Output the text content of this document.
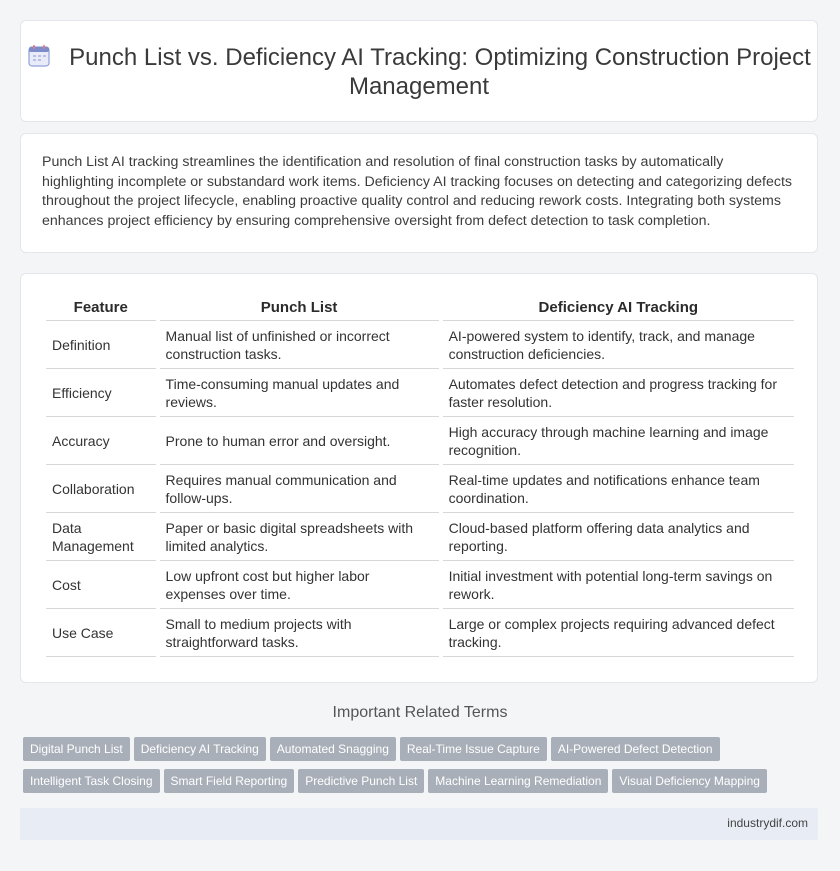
Punch List vs. Deficiency AI Tracking: Optimizing Construction Project Management
Punch List AI tracking streamlines the identification and resolution of final construction tasks by automatically highlighting incomplete or substandard work items. Deficiency AI tracking focuses on detecting and categorizing defects throughout the project lifecycle, enabling proactive quality control and reducing rework costs. Integrating both systems enhances project efficiency by ensuring comprehensive oversight from defect detection to task completion.
Feature	Punch List	Deficiency AI Tracking
Definition	Manual list of unfinished or incorrect construction tasks.	AI-powered system to identify, track, and manage construction deficiencies.
Efficiency	Time-consuming manual updates and reviews.	Automates defect detection and progress tracking for faster resolution.
Accuracy	Prone to human error and oversight.	High accuracy through machine learning and image recognition.
Collaboration	Requires manual communication and follow-ups.	Real-time updates and notifications enhance team coordination.
Data Management	Paper or basic digital spreadsheets with limited analytics.	Cloud-based platform offering data analytics and reporting.
Cost	Low upfront cost but higher labor expenses over time.	Initial investment with potential long-term savings on rework.
Use Case	Small to medium projects with straightforward tasks.	Large or complex projects requiring advanced defect tracking.
Important Related Terms
Digital Punch List Deficiency AI Tracking Automated Snagging Real-Time Issue Capture AI-Powered Defect Detection
Intelligent Task Closing Smart Field Reporting Predictive Punch List Machine Learning Remediation Visual Deficiency Mapping
industrydif.com
